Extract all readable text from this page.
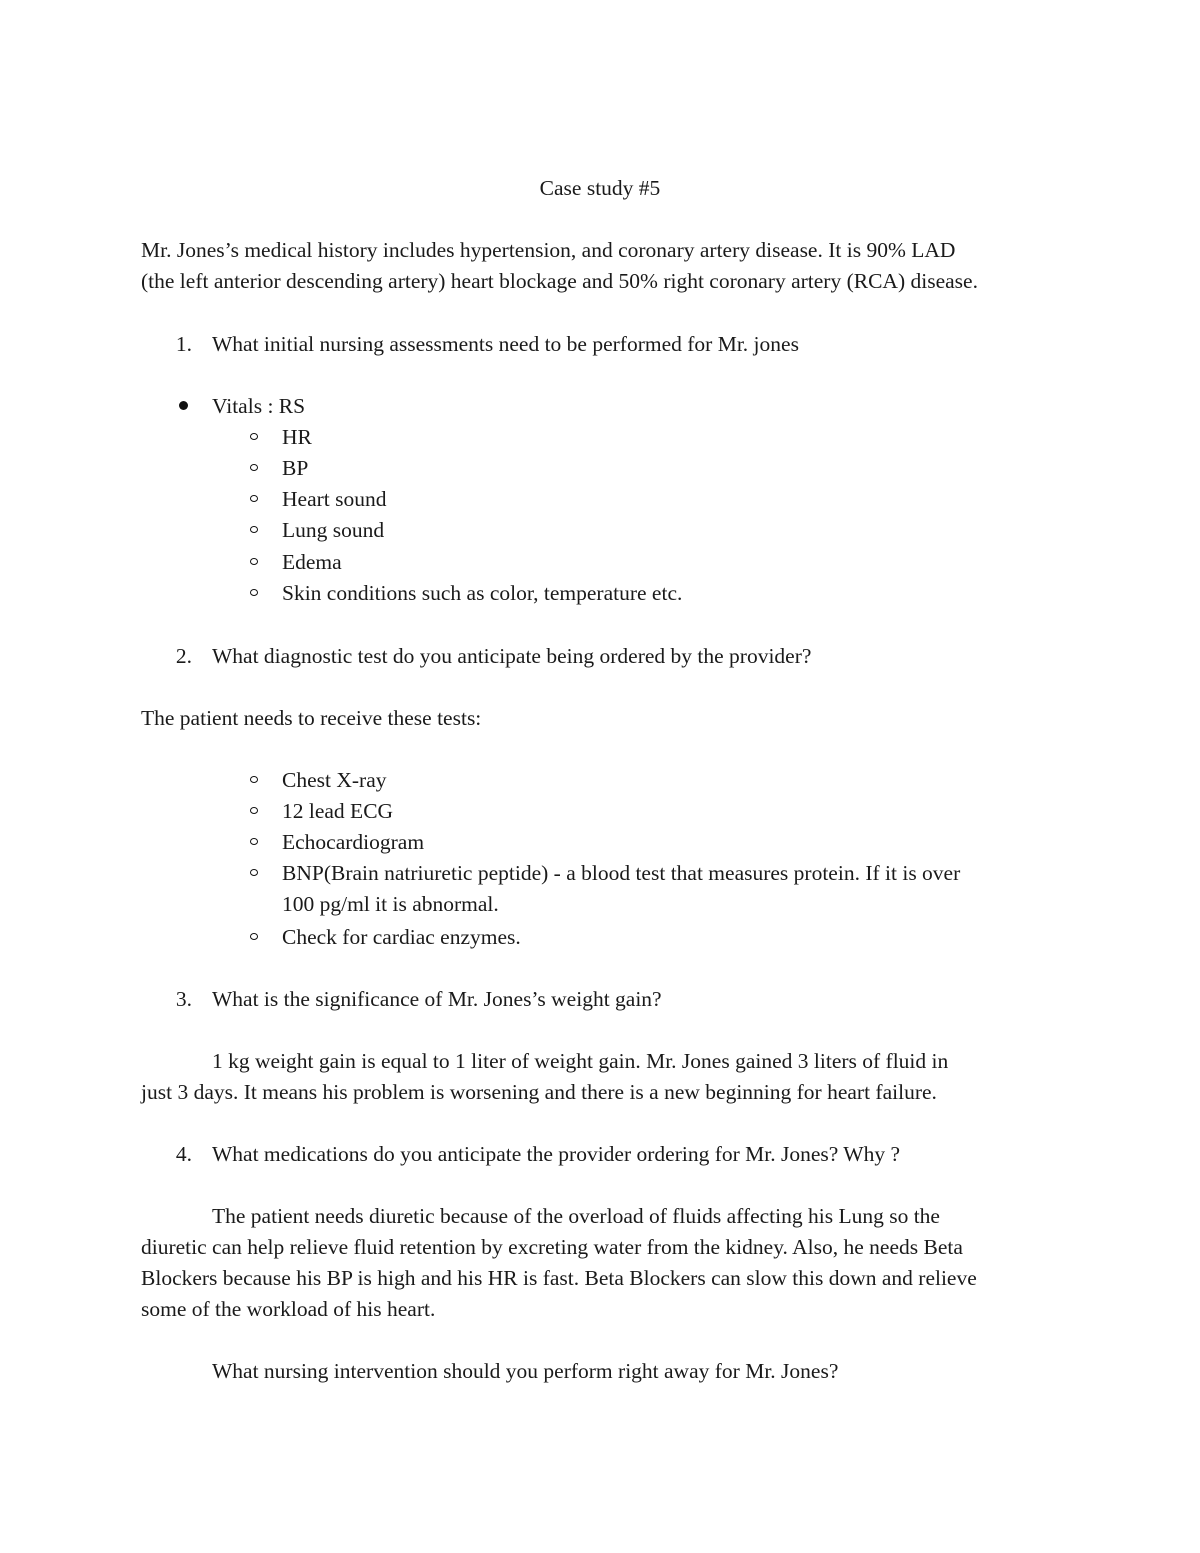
Case study #5
Mr. Jones’s medical history includes hypertension, and coronary artery disease. It is 90% LAD
(the left anterior descending artery) heart blockage and 50% right coronary artery (RCA) disease.
1. What initial nursing assessments need to be performed for Mr. jones
Vitals : RS
HR
BP
Heart sound
Lung sound
Edema
Skin conditions such as color, temperature etc.
2. What diagnostic test do you anticipate being ordered by the provider?
The patient needs to receive these tests:
Chest X-ray
12 lead ECG
Echocardiogram
BNP(Brain natriuretic peptide) - a blood test that measures protein. If it is over
100 pg/ml it is abnormal.
Check for cardiac enzymes.
3. What is the significance of Mr. Jones’s weight gain?
1 kg weight gain is equal to 1 liter of weight gain. Mr. Jones gained 3 liters of fluid in
just 3 days. It means his problem is worsening and there is a new beginning for heart failure.
4. What medications do you anticipate the provider ordering for Mr. Jones? Why ?
The patient needs diuretic because of the overload of fluids affecting his Lung so the
diuretic can help relieve fluid retention by excreting water from the kidney. Also, he needs Beta
Blockers because his BP is high and his HR is fast. Beta Blockers can slow this down and relieve
some of the workload of his heart.
What nursing intervention should you perform right away for Mr. Jones?
